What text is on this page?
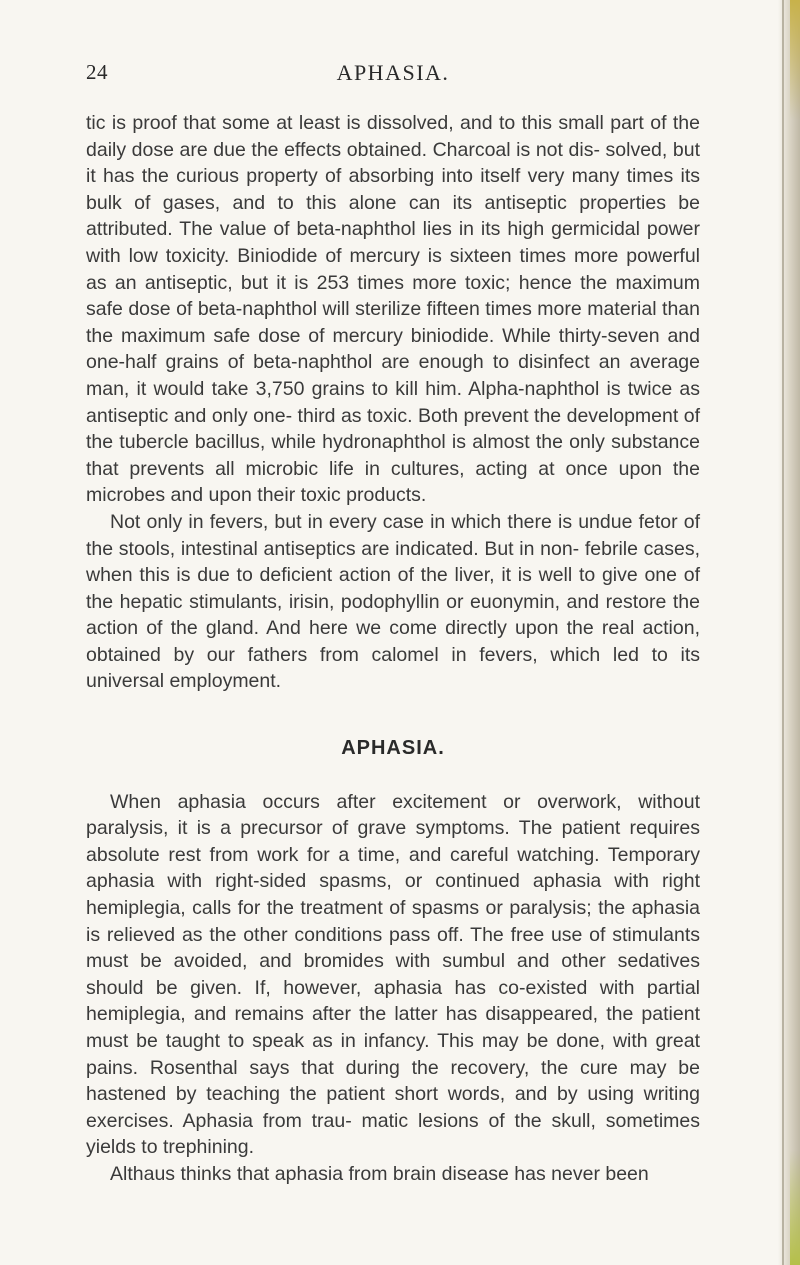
24	APHASIA.

tic is proof that some at least is dissolved, and to this small part of the daily dose are due the effects obtained. Charcoal is not dis- solved, but it has the curious property of absorbing into itself very many times its bulk of gases, and to this alone can its antiseptic properties be attributed. The value of beta-naphthol lies in its high germicidal power with low toxicity. Biniodide of mercury is sixteen times more powerful as an antiseptic, but it is 253 times more toxic; hence the maximum safe dose of beta-naphthol will sterilize fifteen times more material than the maximum safe dose of mercury biniodide. While thirty-seven and one-half grains of beta-naphthol are enough to disinfect an average man, it would take 3,750 grains to kill him. Alpha-naphthol is twice as antiseptic and only one- third as toxic. Both prevent the development of the tubercle bacillus, while hydronaphthol is almost the only substance that prevents all microbic life in cultures, acting at once upon the microbes and upon their toxic products.

Not only in fevers, but in every case in which there is undue fetor of the stools, intestinal antiseptics are indicated. But in non- febrile cases, when this is due to deficient action of the liver, it is well to give one of the hepatic stimulants, irisin, podophyllin or euonymin, and restore the action of the gland. And here we come directly upon the real action, obtained by our fathers from calomel in fevers, which led to its universal employment.

APHASIA.

When aphasia occurs after excitement or overwork, without paralysis, it is a precursor of grave symptoms. The patient requires absolute rest from work for a time, and careful watching. Temporary aphasia with right-sided spasms, or continued aphasia with right hemiplegia, calls for the treatment of spasms or paralysis; the aphasia is relieved as the other conditions pass off. The free use of stimulants must be avoided, and bromides with sumbul and other sedatives should be given. If, however, aphasia has co-existed with partial hemiplegia, and remains after the latter has disappeared, the patient must be taught to speak as in infancy. This may be done, with great pains. Rosenthal says that during the recovery, the cure may be hastened by teaching the patient short words, and by using writing exercises. Aphasia from trau- matic lesions of the skull, sometimes yields to trephining.

Althaus thinks that aphasia from brain disease has never been
